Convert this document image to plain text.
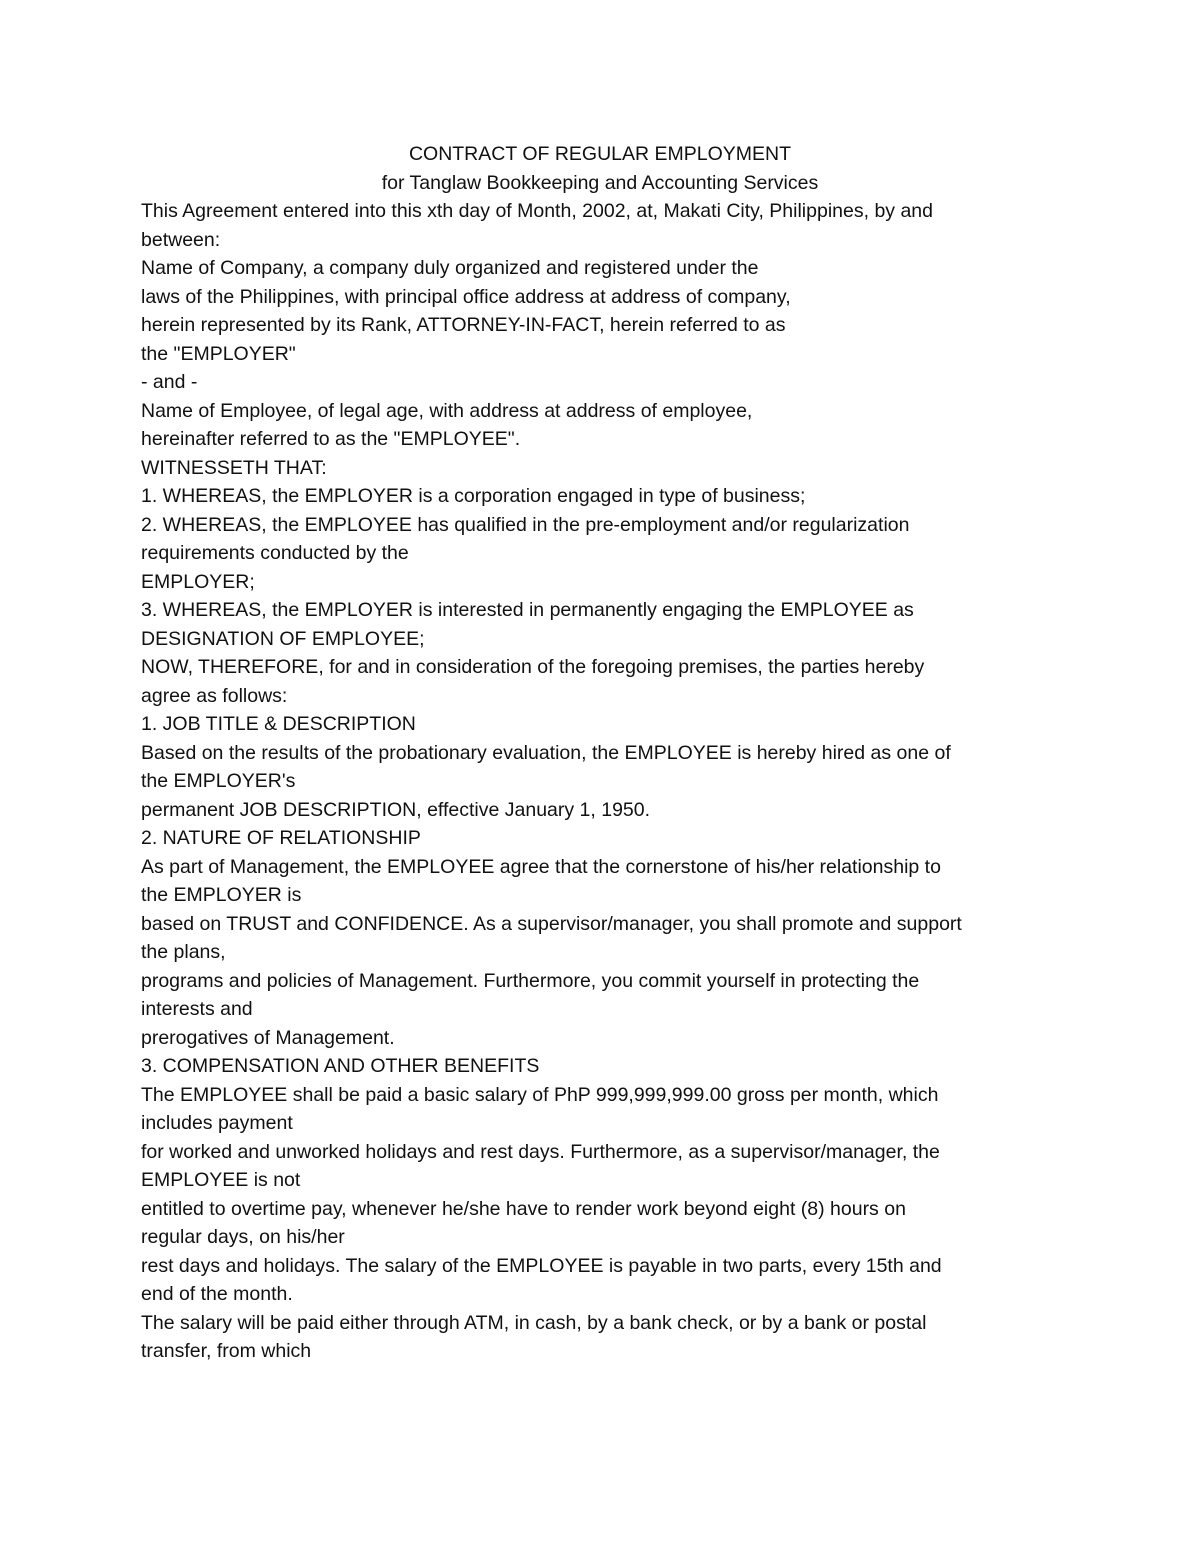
CONTRACT OF REGULAR EMPLOYMENT
for Tanglaw Bookkeeping and Accounting Services
This Agreement entered into this xth day of Month, 2002, at, Makati City, Philippines, by and
between:
Name of Company, a company duly organized and registered under the
laws of the Philippines, with principal office address at address of company,
herein represented by its Rank, ATTORNEY-IN-FACT, herein referred to as
the "EMPLOYER"
- and -
Name of Employee, of legal age, with address at address of employee,
hereinafter referred to as the "EMPLOYEE".
WITNESSETH THAT:
1. WHEREAS, the EMPLOYER is a corporation engaged in type of business;
2. WHEREAS, the EMPLOYEE has qualified in the pre-employment and/or regularization
requirements conducted by the
EMPLOYER;
3. WHEREAS, the EMPLOYER is interested in permanently engaging the EMPLOYEE as
DESIGNATION OF EMPLOYEE;
NOW, THEREFORE, for and in consideration of the foregoing premises, the parties hereby
agree as follows:
1. JOB TITLE & DESCRIPTION
Based on the results of the probationary evaluation, the EMPLOYEE is hereby hired as one of
the EMPLOYER's
permanent JOB DESCRIPTION, effective January 1, 1950.
2. NATURE OF RELATIONSHIP
As part of Management, the EMPLOYEE agree that the cornerstone of his/her relationship to
the EMPLOYER is
based on TRUST and CONFIDENCE. As a supervisor/manager, you shall promote and support
the plans,
programs and policies of Management. Furthermore, you commit yourself in protecting the
interests and
prerogatives of Management.
3. COMPENSATION AND OTHER BENEFITS
The EMPLOYEE shall be paid a basic salary of PhP 999,999,999.00 gross per month, which
includes payment
for worked and unworked holidays and rest days. Furthermore, as a supervisor/manager, the
EMPLOYEE is not
entitled to overtime pay, whenever he/she have to render work beyond eight (8) hours on
regular days, on his/her
rest days and holidays. The salary of the EMPLOYEE is payable in two parts, every 15th and
end of the month.
The salary will be paid either through ATM, in cash, by a bank check, or by a bank or postal
transfer, from which
